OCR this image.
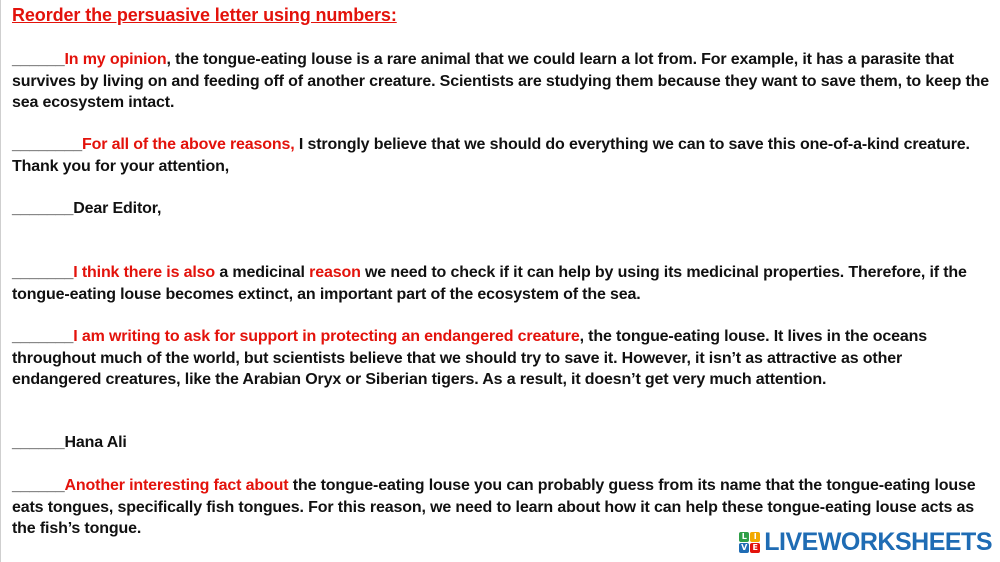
Reorder the persuasive letter using numbers:

______In my opinion, the tongue-eating louse is a rare animal that we could learn a lot from. For example, it has a parasite that survives by living on and feeding off of another creature. Scientists are studying them because they want to save them, to keep the sea ecosystem intact.

________For all of the above reasons, I strongly believe that we should do everything we can to save this one-of-a-kind creature. Thank you for your attention,

_______Dear Editor,

_______I think there is also a medicinal reason we need to check if it can help by using its medicinal properties. Therefore, if the tongue-eating louse becomes extinct, an important part of the ecosystem of the sea.

_______I am writing to ask for support in protecting an endangered creature, the tongue-eating louse. It lives in the oceans throughout much of the world, but scientists believe that we should try to save it. However, it isn’t as attractive as other endangered creatures, like the Arabian Oryx or Siberian tigers. As a result, it doesn’t get very much attention.

______Hana Ali

______Another interesting fact about the tongue-eating louse you can probably guess from its name that the tongue-eating louse eats tongues, specifically fish tongues. For this reason, we need to learn about how it can help these tongue-eating louse acts as the fish’s tongue.	L I
V E LIVEWORKSHEETS
